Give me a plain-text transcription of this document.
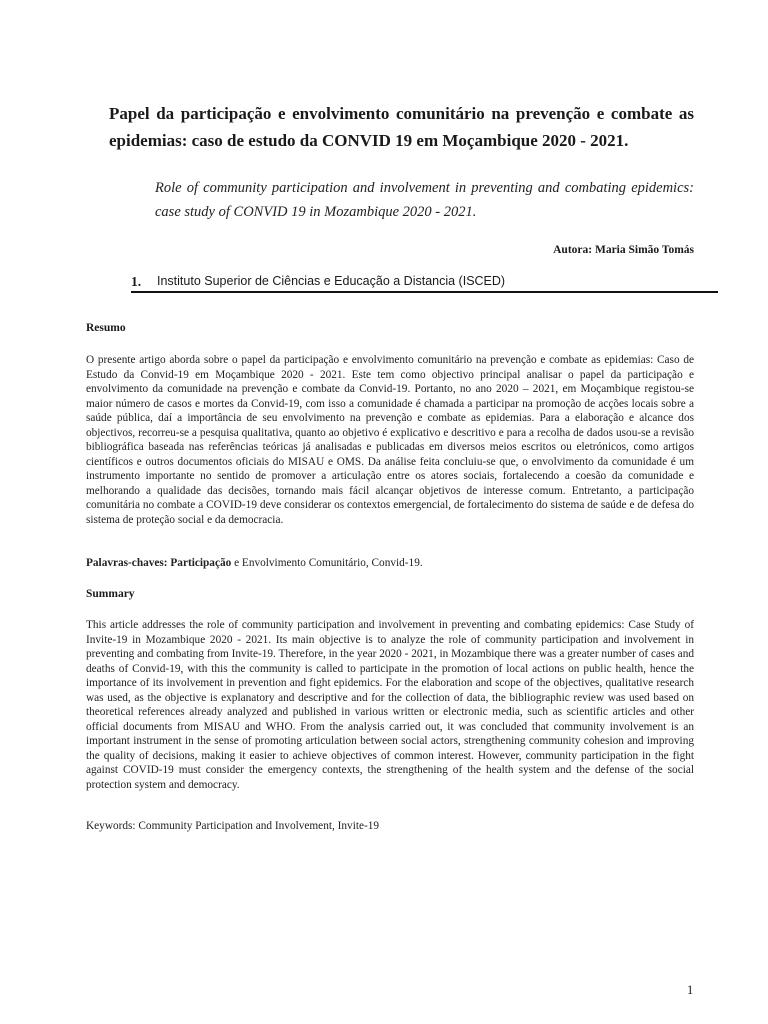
Papel da participação e envolvimento comunitário na prevenção e combate as epidemias: caso de estudo da CONVID 19 em Moçambique 2020 - 2021.

Role of community participation and involvement in preventing and combating epidemics: case study of CONVID 19 in Mozambique 2020 - 2021.

Autora: Maria Simão Tomás

1.	Instituto Superior de Ciências e Educação a Distancia (ISCED)

Resumo

O presente artigo aborda sobre o papel da participação e envolvimento comunitário na prevenção e combate as epidemias: Caso de Estudo da Convid-19 em Moçambique 2020 - 2021. Este tem como objectivo principal analisar o papel da participação e envolvimento da comunidade na prevenção e combate da Convid-19. Portanto, no ano 2020 – 2021, em Moçambique registou-se maior número de casos e mortes da Convid-19, com isso a comunidade é chamada a participar na promoção de acções locais sobre a saúde pública, daí a importância de seu envolvimento na prevenção e combate as epidemias. Para a elaboração e alcance dos objectivos, recorreu-se a pesquisa qualitativa, quanto ao objetivo é explicativo e descritivo e para a recolha de dados usou-se a revisão bibliográfica baseada nas referências teóricas já analisadas e publicadas em diversos meios escritos ou eletrónicos, como artigos científicos e outros documentos oficiais do MISAU e OMS. Da análise feita concluiu-se que, o envolvimento da comunidade é um instrumento importante no sentido de promover a articulação entre os atores sociais, fortalecendo a coesão da comunidade e melhorando a qualidade das decisões, tornando mais fácil alcançar objetivos de interesse comum. Entretanto, a participação comunitária no combate a COVID-19 deve considerar os contextos emergencial, de fortalecimento do sistema de saúde e de defesa do sistema de proteção social e da democracia.

Palavras-chaves: Participação e Envolvimento Comunitário, Convid-19.

Summary

This article addresses the role of community participation and involvement in preventing and combating epidemics: Case Study of Invite-19 in Mozambique 2020 - 2021. Its main objective is to analyze the role of community participation and involvement in preventing and combating from Invite-19. Therefore, in the year 2020 - 2021, in Mozambique there was a greater number of cases and deaths of Convid-19, with this the community is called to participate in the promotion of local actions on public health, hence the importance of its involvement in prevention and fight epidemics. For the elaboration and scope of the objectives, qualitative research was used, as the objective is explanatory and descriptive and for the collection of data, the bibliographic review was used based on theoretical references already analyzed and published in various written or electronic media, such as scientific articles and other official documents from MISAU and WHO. From the analysis carried out, it was concluded that community involvement is an important instrument in the sense of promoting articulation between social actors, strengthening community cohesion and improving the quality of decisions, making it easier to achieve objectives of common interest. However, community participation in the fight against COVID-19 must consider the emergency contexts, the strengthening of the health system and the defense of the social protection system and democracy.

Keywords: Community Participation and Involvement, Invite-19

1
